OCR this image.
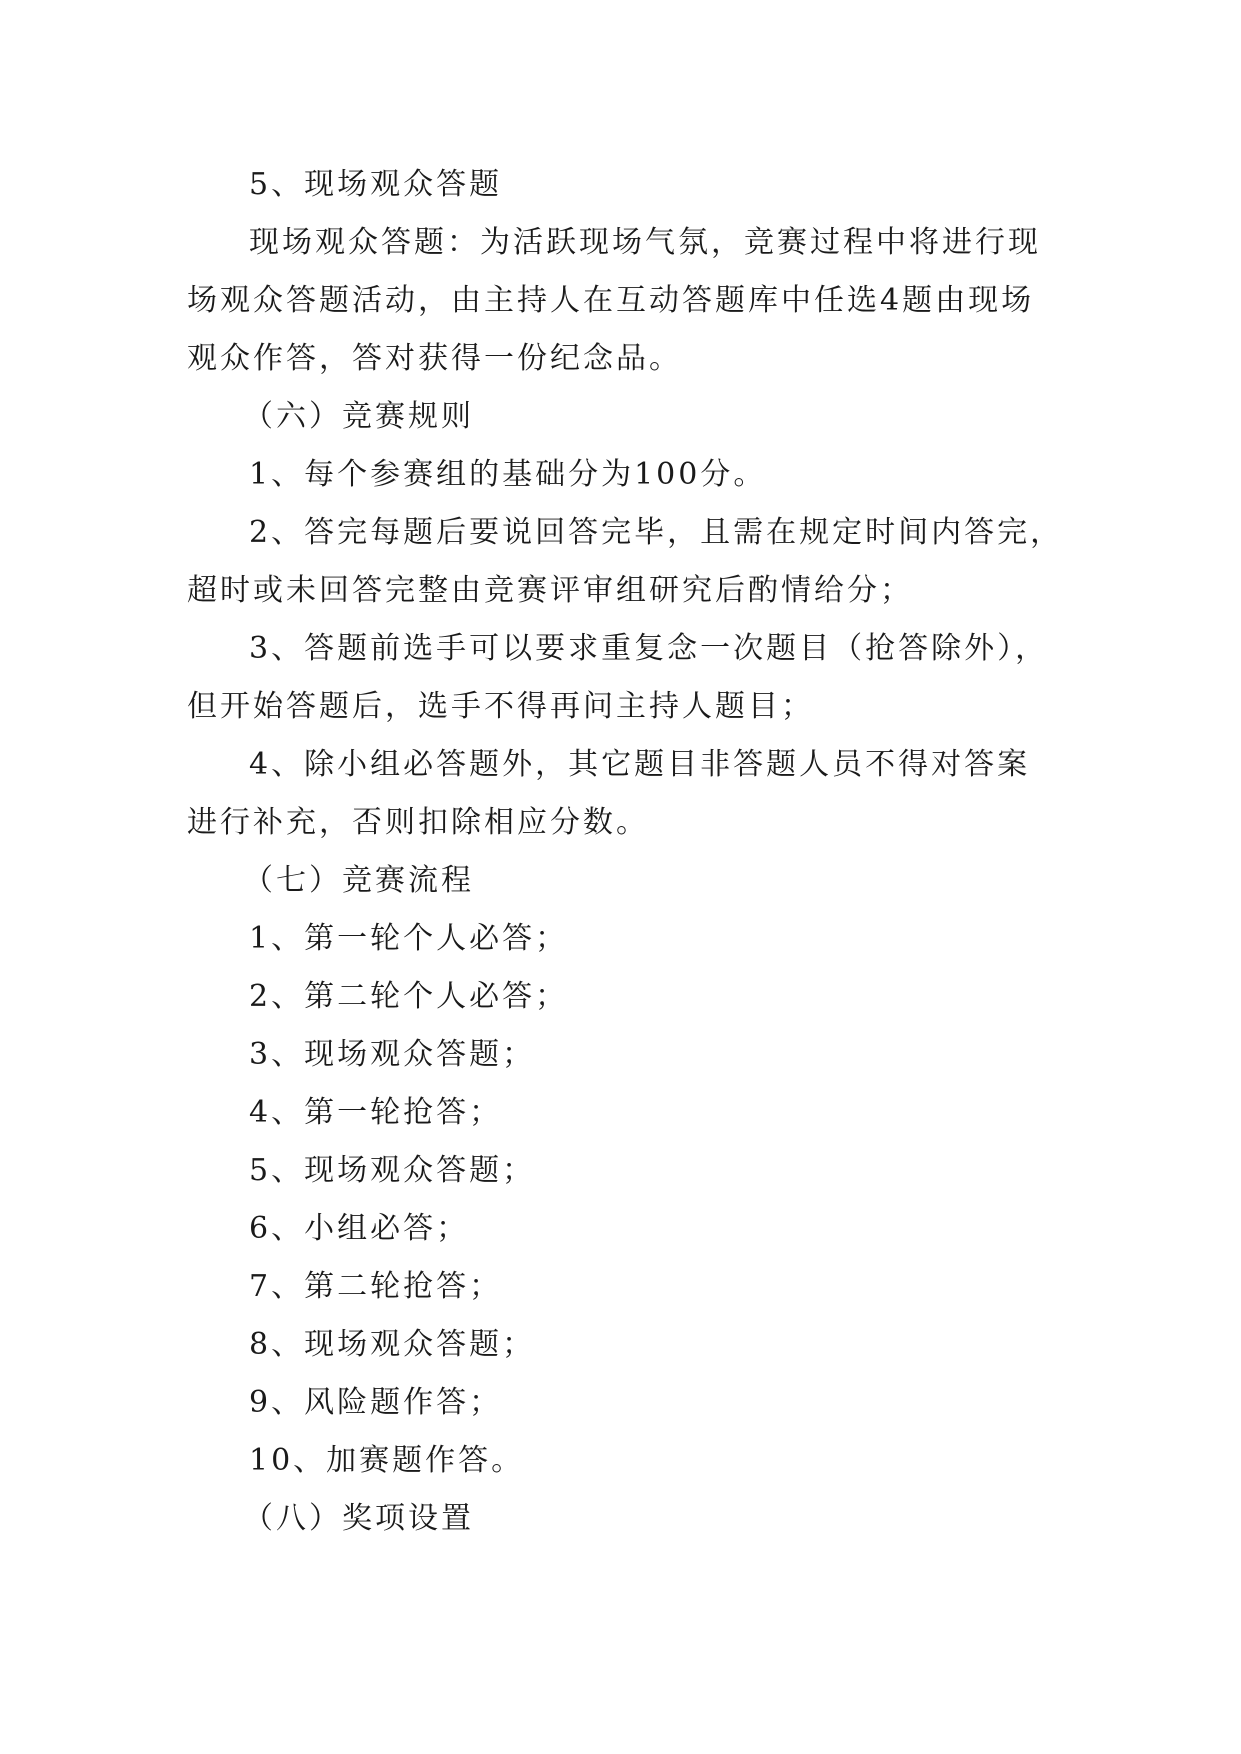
5、现场观众答题
现场观众答题：为活跃现场气氛，竞赛过程中将进行现
场观众答题活动，由主持人在互动答题库中任选4题由现场
观众作答，答对获得一份纪念品。
（六）竞赛规则
1、每个参赛组的基础分为100分。
2、答完每题后要说回答完毕，且需在规定时间内答完，
超时或未回答完整由竞赛评审组研究后酌情给分；
3、答题前选手可以要求重复念一次题目（抢答除外），
但开始答题后，选手不得再问主持人题目；
4、除小组必答题外，其它题目非答题人员不得对答案
进行补充，否则扣除相应分数。
（七）竞赛流程
1、第一轮个人必答；
2、第二轮个人必答；
3、现场观众答题；
4、第一轮抢答；
5、现场观众答题；
6、小组必答；
7、第二轮抢答；
8、现场观众答题；
9、风险题作答；
10、加赛题作答。
（八）奖项设置
